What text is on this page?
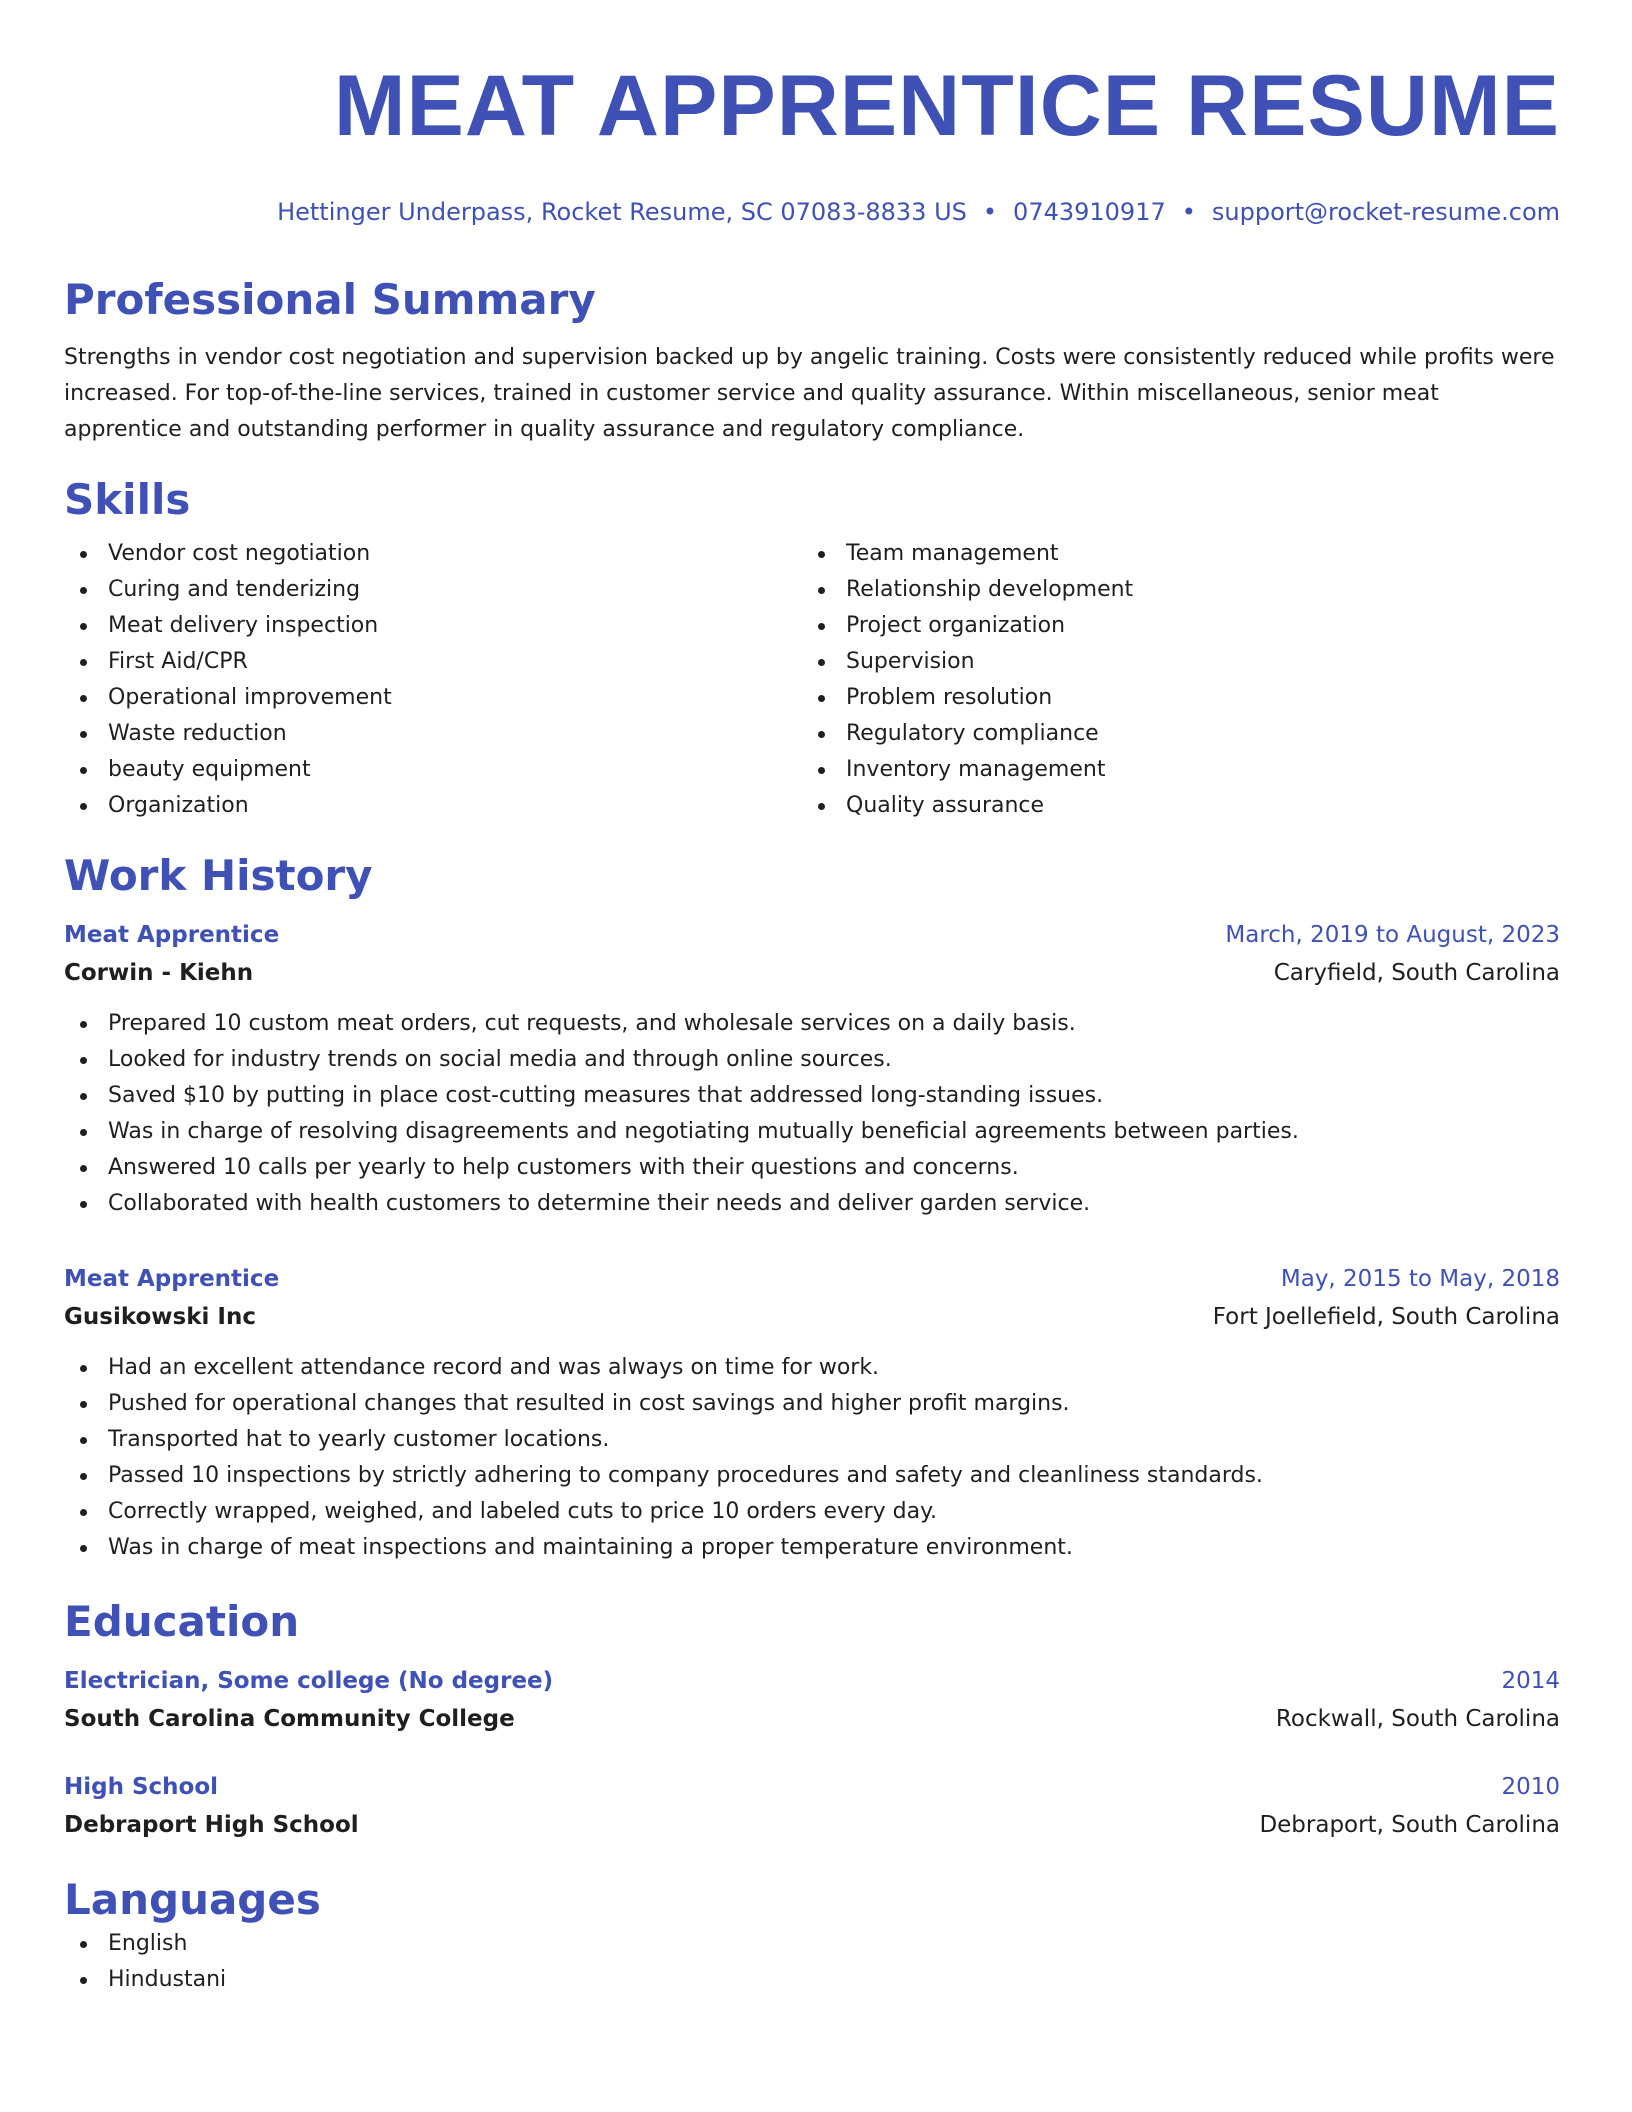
MEAT APPRENTICE RESUME
Hettinger Underpass, Rocket Resume, SC 07083-8833 US • 0743910917 • support@rocket-resume.com
Professional Summary

Strengths in vendor cost negotiation and supervision backed up by angelic training. Costs were consistently reduced while profits were increased. For top-of-the-line services, trained in customer service and quality assurance. Within miscellaneous, senior meat apprentice and outstanding performer in quality assurance and regulatory compliance.

Skills
Vendor cost negotiation
Curing and tenderizing
Meat delivery inspection
First Aid/CPR
Operational improvement
Waste reduction
beauty equipment
Organization
Team management
Relationship development
Project organization
Supervision
Problem resolution
Regulatory compliance
Inventory management
Quality assurance
Work History
Meat Apprentice	March, 2019 to August, 2023
Corwin - Kiehn	Caryfield, South Carolina
Prepared 10 custom meat orders, cut requests, and wholesale services on a daily basis.
Looked for industry trends on social media and through online sources.
Saved $10 by putting in place cost-cutting measures that addressed long-standing issues.
Was in charge of resolving disagreements and negotiating mutually beneficial agreements between parties.
Answered 10 calls per yearly to help customers with their questions and concerns.
Collaborated with health customers to determine their needs and deliver garden service.
Meat Apprentice	May, 2015 to May, 2018
Gusikowski Inc	Fort Joellefield, South Carolina
Had an excellent attendance record and was always on time for work.
Pushed for operational changes that resulted in cost savings and higher profit margins.
Transported hat to yearly customer locations.
Passed 10 inspections by strictly adhering to company procedures and safety and cleanliness standards.
Correctly wrapped, weighed, and labeled cuts to price 10 orders every day.
Was in charge of meat inspections and maintaining a proper temperature environment.
Education
Electrician, Some college (No degree)	2014
South Carolina Community College	Rockwall, South Carolina
High School	2010
Debraport High School	Debraport, South Carolina
Languages
English
Hindustani
